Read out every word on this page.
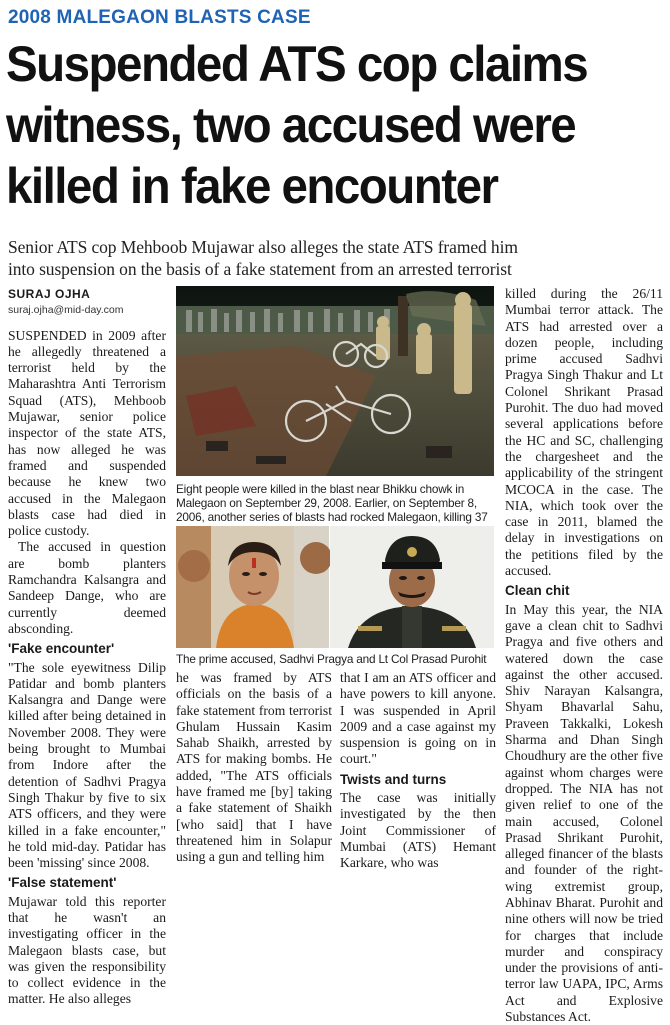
2008 MALEGAON BLASTS CASE
Suspended ATS cop claims
witness, two accused were
killed in fake encounter
Senior ATS cop Mehboob Mujawar also alleges the state ATS framed him
into suspension on the basis of a fake statement from an arrested terrorist
SURAJ OJHA
suraj.ojha@mid-day.com

SUSPENDED in 2009 after he allegedly threatened a terrorist held by the Maharashtra Anti Terrorism Squad (ATS), Mehboob Mujawar, senior police inspector of the state ATS, has now alleged he was framed and suspended because he knew two accused in the Malegaon blasts case had died in police custody.

The accused in question are bomb planters Ramchandra Kalsangra and Sandeep Dange, who are currently deemed absconding.

'Fake encounter'

"The sole eyewitness Dilip Patidar and bomb planters Kalsangra and Dange were killed after being detained in November 2008. They were being brought to Mumbai from Indore after the detention of Sadhvi Pragya Singh Thakur by five to six ATS officers, and they were killed in a fake encounter," he told mid-day. Patidar has been 'missing' since 2008.

'False statement'

Mujawar told this reporter that he wasn't an investigating officer in the Malegaon blasts case, but was given the responsibility to collect evidence in the matter. He also alleges

Eight people were killed in the blast near Bhikku chowk in Malegaon on September 29, 2008. Earlier, on September 8, 2006, another series of blasts had rocked Malegaon, killing 37
The prime accused, Sadhvi Pragya and Lt Col Prasad Purohit

he was framed by ATS officials on the basis of a fake statement from terrorist Ghulam Hussain Kasim Sahab Shaikh, arrested by ATS for making bombs. He added, "The ATS officials have framed me [by] taking a fake statement of Shaikh [who said] that I have threatened him in Solapur using a gun and telling him

that I am an ATS officer and have powers to kill anyone. I was suspended in April 2009 and a case against my suspension is going on in court."

Twists and turns

The case was initially investigated by the then Joint Commissioner of Mumbai (ATS) Hemant Karkare, who was

killed during the 26/11 Mumbai terror attack. The ATS had arrested over a dozen people, including prime accused Sadhvi Pragya Singh Thakur and Lt Colonel Shrikant Prasad Purohit. The duo had moved several applications before the HC and SC, challenging the chargesheet and the applicability of the stringent MCOCA in the case. The NIA, which took over the case in 2011, blamed the delay in investigations on the petitions filed by the accused.

Clean chit

In May this year, the NIA gave a clean chit to Sadhvi Pragya and five others and watered down the case against the other accused. Shiv Narayan Kalsangra, Shyam Bhavarlal Sahu, Praveen Takkalki, Lokesh Sharma and Dhan Singh Choudhury are the other five against whom charges were dropped. The NIA has not given relief to one of the main accused, Colonel Prasad Shrikant Purohit, alleged financer of the blasts and founder of the right-wing extremist group, Abhinav Bharat. Purohit and nine others will now be tried for charges that include murder and conspiracy under the provisions of anti-terror law UAPA, IPC, Arms Act and Explosive Substances Act.
